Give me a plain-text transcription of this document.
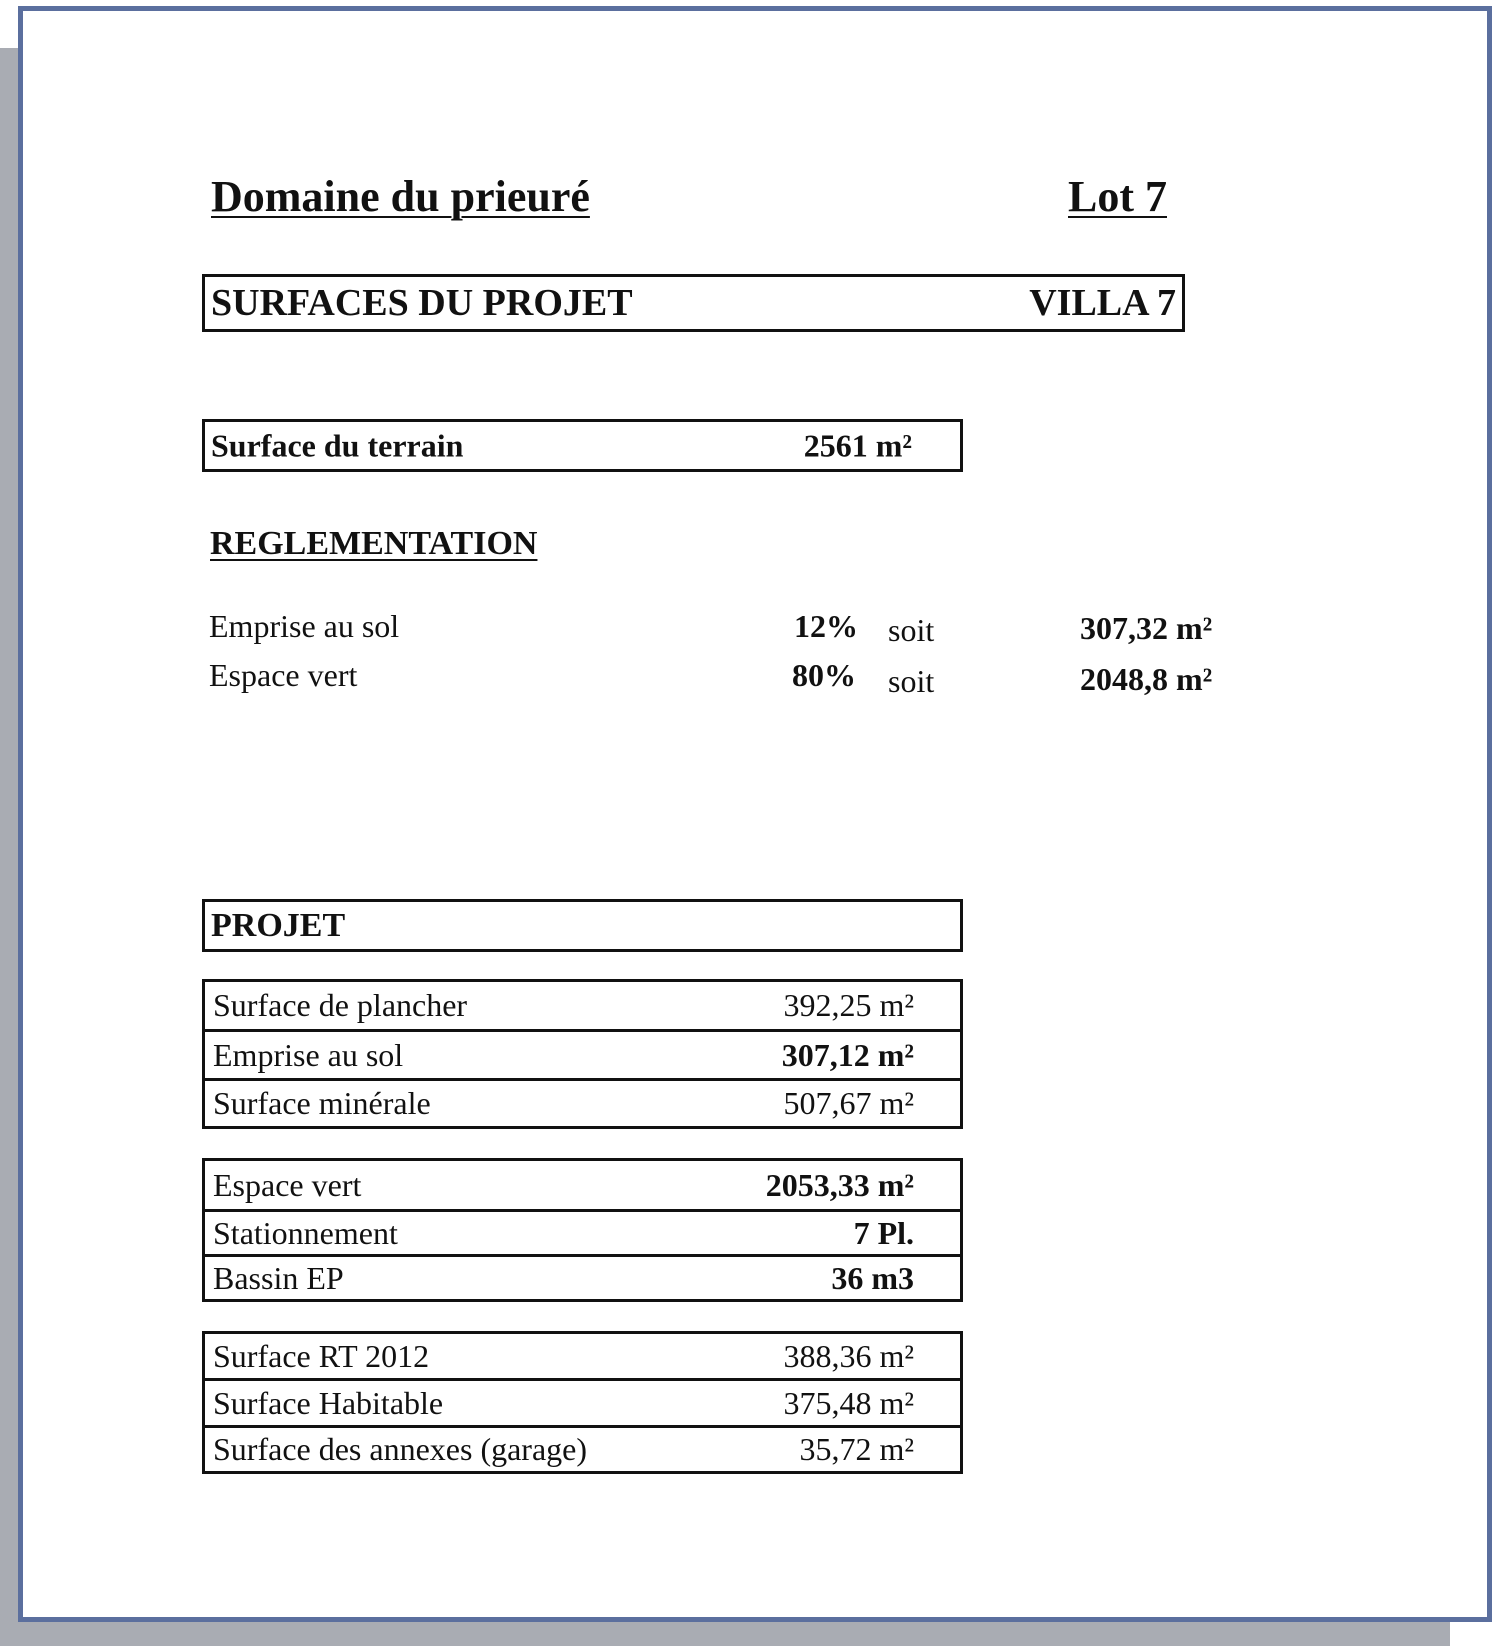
Domaine du prieuré	Lot 7
SURFACES DU PROJET	VILLA 7
Surface du terrain	2561 m²
REGLEMENTATION
Emprise au sol	12% soit	307,32 m²
Espace vert	80% soit	2048,8 m²
PROJET
Surface de plancher	392,25 m²
Emprise au sol	307,12 m²
Surface minérale	507,67 m²
Espace vert	2053,33 m²
Stationnement	7 Pl.
Bassin EP	36 m3
Surface RT 2012	388,36 m²
Surface Habitable	375,48 m²
Surface des annexes (garage)	35,72 m²
